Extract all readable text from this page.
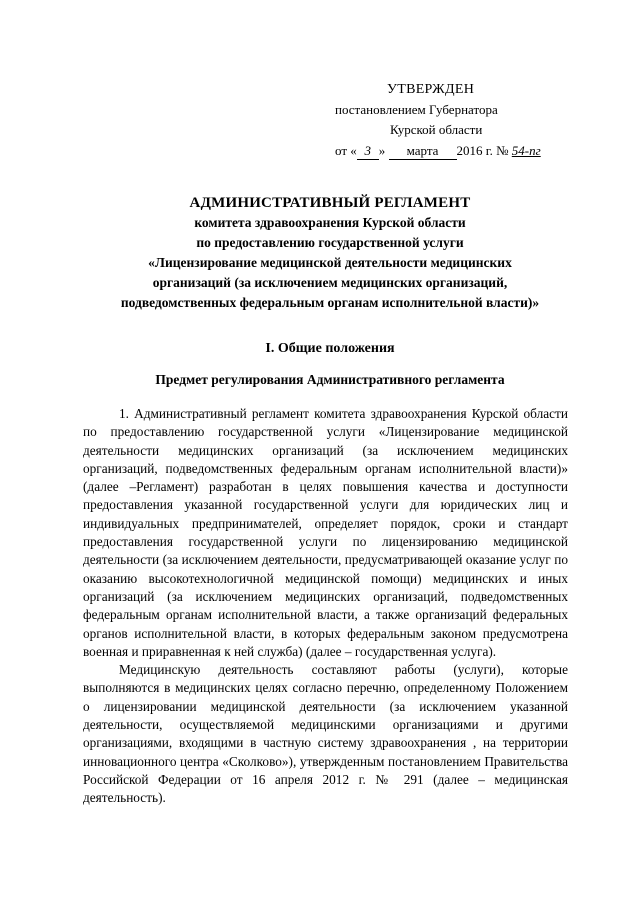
УТВЕРЖДЕН
постановлением Губернатора
Курской области
от « 3 » марта 2016 г. № 54-пг
АДМИНИСТРАТИВНЫЙ РЕГЛАМЕНТ
комитета здравоохранения Курской области
по предоставлению государственной услуги
«Лицензирование медицинской деятельности медицинских
организаций (за исключением медицинских организаций,
подведомственных федеральным органам исполнительной власти)»
I. Общие положения
Предмет регулирования Административного регламента

1. Административный регламент комитета здравоохранения Курской области по предоставлению государственной услуги «Лицензирование медицинской деятельности медицинских организаций (за исключением медицинских организаций, подведомственных федеральным органам исполнительной власти)» (далее –Регламент) разработан в целях повышения качества и доступности предоставления указанной государственной услуги для юридических лиц и индивидуальных предпринимателей, определяет порядок, сроки и стандарт предоставления государственной услуги по лицензированию медицинской деятельности (за исключением деятельности, предусматривающей оказание услуг по оказанию высокотехнологичной медицинской помощи) медицинских и иных организаций (за исключением медицинских организаций, подведомственных федеральным органам исполнительной власти, а также организаций федеральных органов исполнительной власти, в которых федеральным законом предусмотрена военная и приравненная к ней служба) (далее – государственная услуга).

Медицинскую деятельность составляют работы (услуги), которые выполняются в медицинских целях согласно перечню, определенному Положением о лицензировании медицинской деятельности (за исключением указанной деятельности, осуществляемой медицинскими организациями и другими организациями, входящими в частную систему здравоохранения , на территории инновационного центра «Сколково»), утвержденным постановлением Правительства Российской Федерации от 16 апреля 2012 г. № 291 (далее – медицинская деятельность).
